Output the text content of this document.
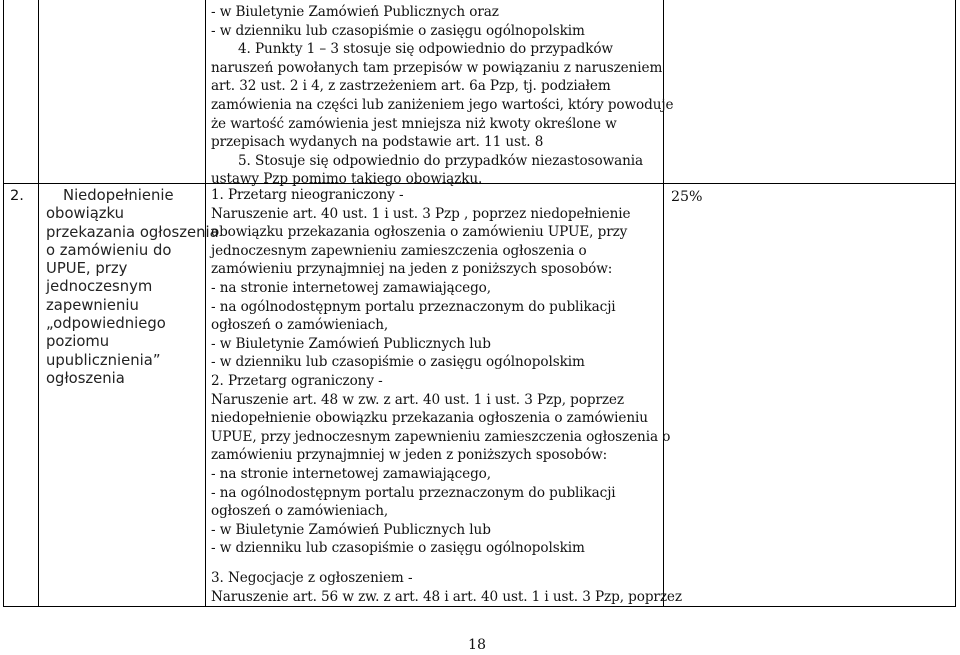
- w Biuletynie Zamówień Publicznych oraz
- w dzienniku lub czasopiśmie o zasięgu ogólnopolskim
4. Punkty 1 – 3 stosuje się odpowiednio do przypadków
naruszeń powołanych tam przepisów w powiązaniu z naruszeniem
art. 32 ust. 2 i 4, z zastrzeżeniem art. 6a Pzp, tj. podziałem
zamówienia na części lub zaniżeniem jego wartości, który powoduje
że wartość zamówienia jest mniejsza niż kwoty określone w
przepisach wydanych na podstawie art. 11 ust. 8
5. Stosuje się odpowiednio do przypadków niezastosowania
ustawy Pzp pomimo takiego obowiązku.
2.	Niedopełnienie
obowiązku
przekazania ogłoszenia
o zamówieniu do
UPUE, przy
jednoczesnym
zapewnieniu
„odpowiedniego
poziomu
upublicznienia”
ogłoszenia
1. Przetarg nieograniczony -
Naruszenie art. 40 ust. 1 i ust. 3 Pzp , poprzez niedopełnienie
obowiązku przekazania ogłoszenia o zamówieniu UPUE, przy
jednoczesnym zapewnieniu zamieszczenia ogłoszenia o
zamówieniu przynajmniej na jeden z poniższych sposobów:
- na stronie internetowej zamawiającego,
- na ogólnodostępnym portalu przeznaczonym do publikacji
ogłoszeń o zamówieniach,
- w Biuletynie Zamówień Publicznych lub
- w dzienniku lub czasopiśmie o zasięgu ogólnopolskim
2. Przetarg ograniczony -
Naruszenie art. 48 w zw. z art. 40 ust. 1 i ust. 3 Pzp, poprzez
niedopełnienie obowiązku przekazania ogłoszenia o zamówieniu
UPUE, przy jednoczesnym zapewnieniu zamieszczenia ogłoszenia o
zamówieniu przynajmniej w jeden z poniższych sposobów:
- na stronie internetowej zamawiającego,
- na ogólnodostępnym portalu przeznaczonym do publikacji
ogłoszeń o zamówieniach,
- w Biuletynie Zamówień Publicznych lub
- w dzienniku lub czasopiśmie o zasięgu ogólnopolskim
3. Negocjacje z ogłoszeniem -
Naruszenie art. 56 w zw. z art. 48 i art. 40 ust. 1 i ust. 3 Pzp, poprzez
25%
18
